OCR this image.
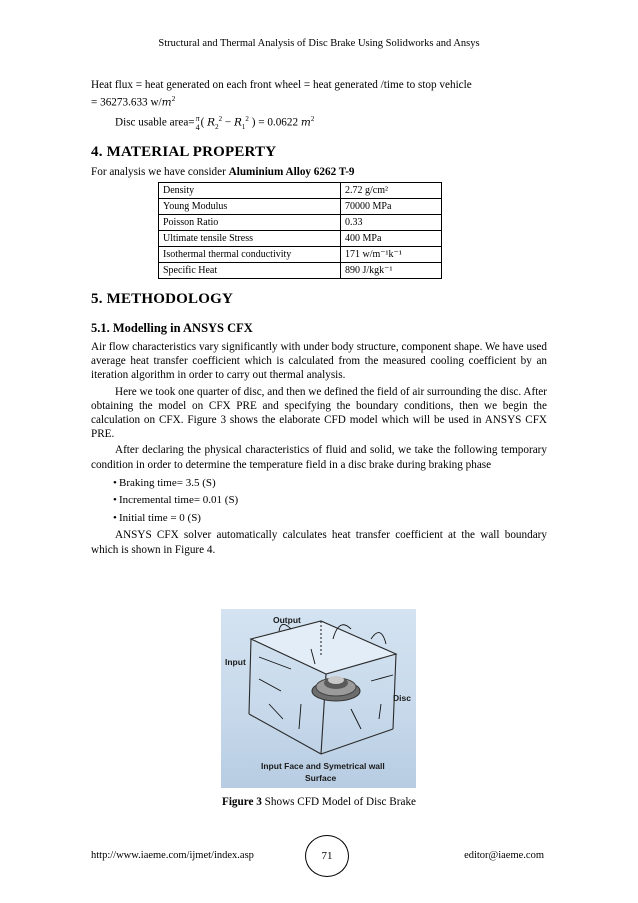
Structural and Thermal Analysis of Disc Brake Using Solidworks and Ansys

Heat flux = heat generated on each front wheel = heat generated /time to stop vehicle

= 36273.633 $w/m^2$

Disc usable area= π
4 ( $R_2^2 - R_1^2$ ) = 0.0622 $m^2$

4. MATERIAL PROPERTY

For analysis we have consider Aluminium Alloy 6262 T-9

Density	2.72 g/cm²
Young Modulus	70000 MPa
Poisson Ratio	0.33
Ultimate tensile Stress	400 MPa
Isothermal thermal conductivity	171 w/m⁻¹k⁻¹
Specific Heat	890 J/kgk⁻¹

5. METHODOLOGY

5.1. Modelling in ANSYS CFX

Air flow characteristics vary significantly with under body structure, component shape. We have used average heat transfer coefficient which is calculated from the measured cooling coefficient by an iteration algorithm in order to carry out thermal analysis.

Here we took one quarter of disc, and then we defined the field of air surrounding the disc. After obtaining the model on CFX PRE and specifying the boundary conditions, then we begin the calculation on CFX. Figure 3 shows the elaborate CFD model which will be used in ANSYS CFX PRE.

After declaring the physical characteristics of fluid and solid, we take the following temporary condition in order to determine the temperature field in a disc brake during braking phase

• Braking time= 3.5 (S)
• Incremental time= 0.01 (S)
• Initial time = 0 (S)

ANSYS CFX solver automatically calculates heat transfer coefficient at the wall boundary which is shown in Figure 4.

Output
Input
Disc
Input Face and Symetrical wall
Surface
Figure 3 Shows CFD Model of Disc Brake
http://www.iaeme.com/ijmet/index.asp	71	editor@iaeme.com
